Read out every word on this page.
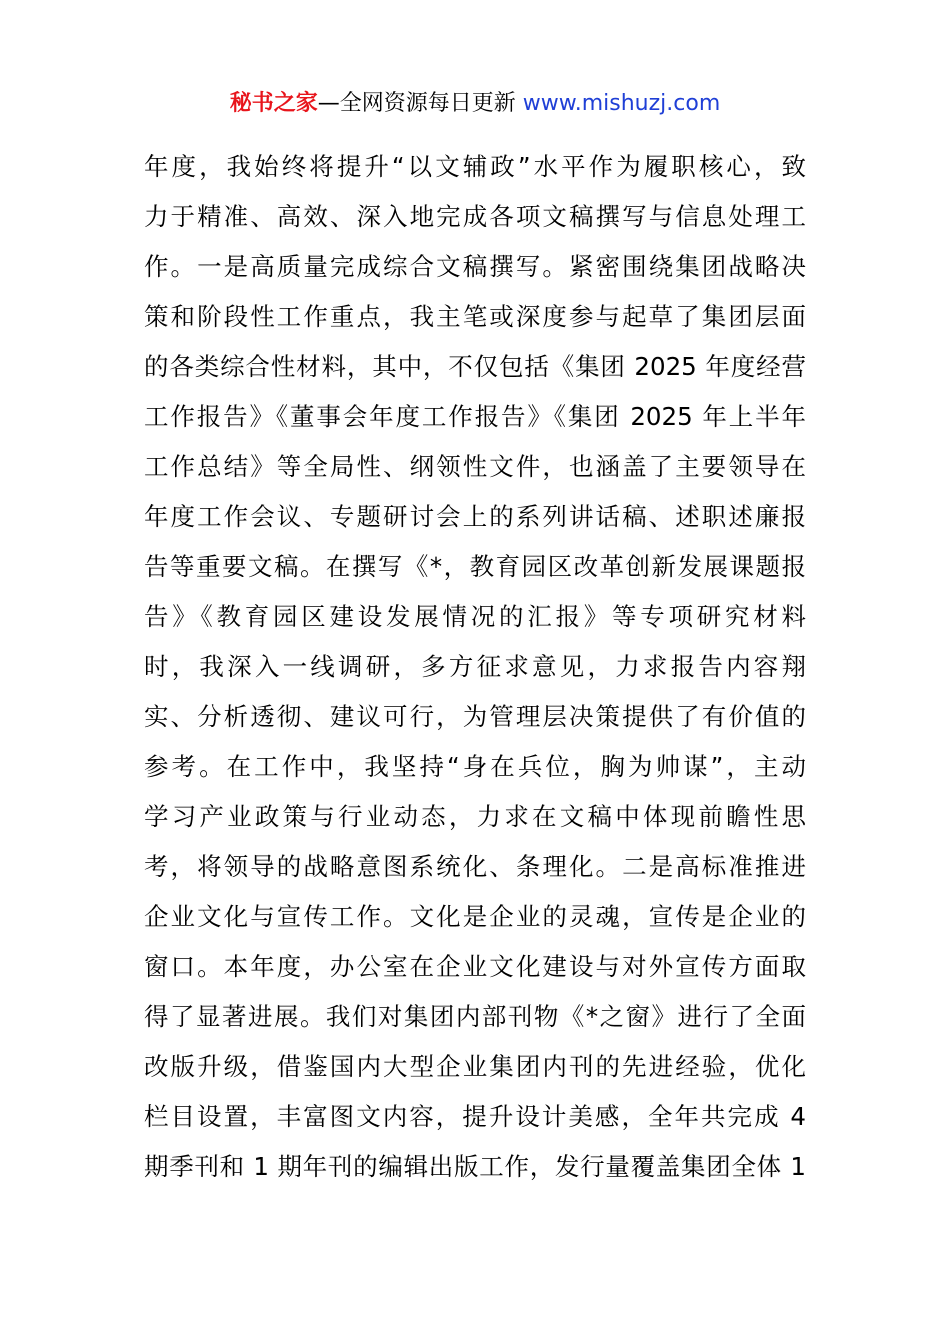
秘书之家—全网资源每日更新 www.mishuzj.com
年度，我始终将提升“以文辅政”水平作为履职核心，致
力于精准、高效、深入地完成各项文稿撰写与信息处理工
作。一是高质量完成综合文稿撰写。紧密围绕集团战略决
策和阶段性工作重点，我主笔或深度参与起草了集团层面
的各类综合性材料，其中，不仅包括《集团 2025 年度经营
工作报告》《董事会年度工作报告》《集团 2025 年上半年
工作总结》等全局性、纲领性文件，也涵盖了主要领导在
年度工作会议、专题研讨会上的系列讲话稿、述职述廉报
告等重要文稿。在撰写《*，教育园区改革创新发展课题报
告》《教育园区建设发展情况的汇报》等专项研究材料
时，我深入一线调研，多方征求意见，力求报告内容翔
实、分析透彻、建议可行，为管理层决策提供了有价值的
参考。在工作中，我坚持“身在兵位，胸为帅谋”，主动
学习产业政策与行业动态，力求在文稿中体现前瞻性思
考，将领导的战略意图系统化、条理化。二是高标准推进
企业文化与宣传工作。文化是企业的灵魂，宣传是企业的
窗口。本年度，办公室在企业文化建设与对外宣传方面取
得了显著进展。我们对集团内部刊物《*之窗》进行了全面
改版升级，借鉴国内大型企业集团内刊的先进经验，优化
栏目设置，丰富图文内容，提升设计美感，全年共完成 4
期季刊和 1 期年刊的编辑出版工作，发行量覆盖集团全体 1
